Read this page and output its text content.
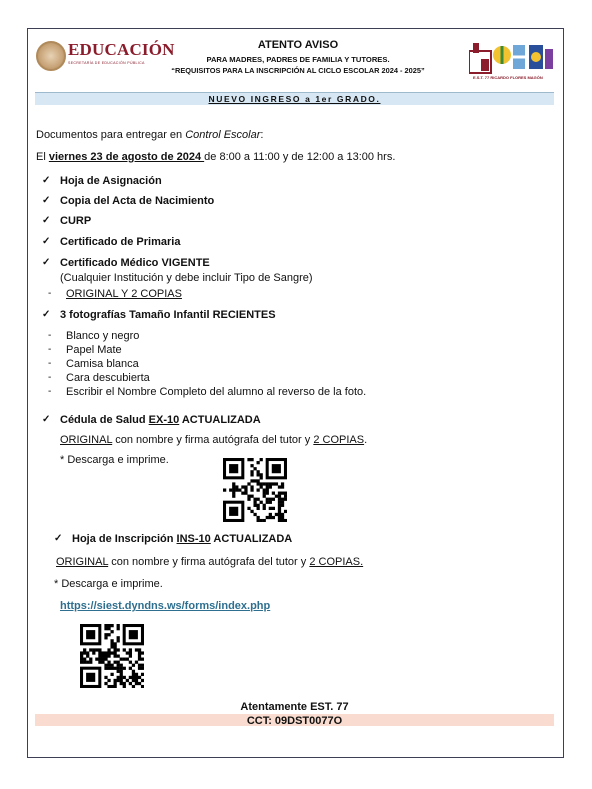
EDUCACIÓN
SECRETARÍA DE EDUCACIÓN PÚBLICA
ATENTO AVISO
PARA MADRES, PADRES DE FAMILIA Y TUTORES.
“REQUISITOS PARA LA INSCRIPCIÓN AL CICLO ESCOLAR 2024 - 2025”
E.S.T. 77 RICARDO FLORES MAGÓN
NUEVO INGRESO a 1er GRADO.
Documentos para entregar en Control Escolar:
El viernes 23 de agosto de 2024 de 8:00 a 11:00 y de 12:00 a 13:00 hrs.
✓ Hoja de Asignación
✓ Copia del Acta de Nacimiento
✓ CURP
✓ Certificado de Primaria
✓ Certificado Médico VIGENTE
(Cualquier Institución y debe incluir Tipo de Sangre)
- ORIGINAL Y 2 COPIAS
✓ 3 fotografías Tamaño Infantil RECIENTES
- Blanco y negro
- Papel Mate
- Camisa blanca
- Cara descubierta
- Escribir el Nombre Completo del alumno al reverso de la foto.
✓ Cédula de Salud EX-10 ACTUALIZADA
ORIGINAL con nombre y firma autógrafa del tutor y 2 COPIAS.
* Descarga e imprime.
✓ Hoja de Inscripción INS-10 ACTUALIZADA
ORIGINAL con nombre y firma autógrafa del tutor y 2 COPIAS.
* Descarga e imprime.
https://siest.dyndns.ws/forms/index.php
Atentamente EST. 77
CCT: 09DST0077O
